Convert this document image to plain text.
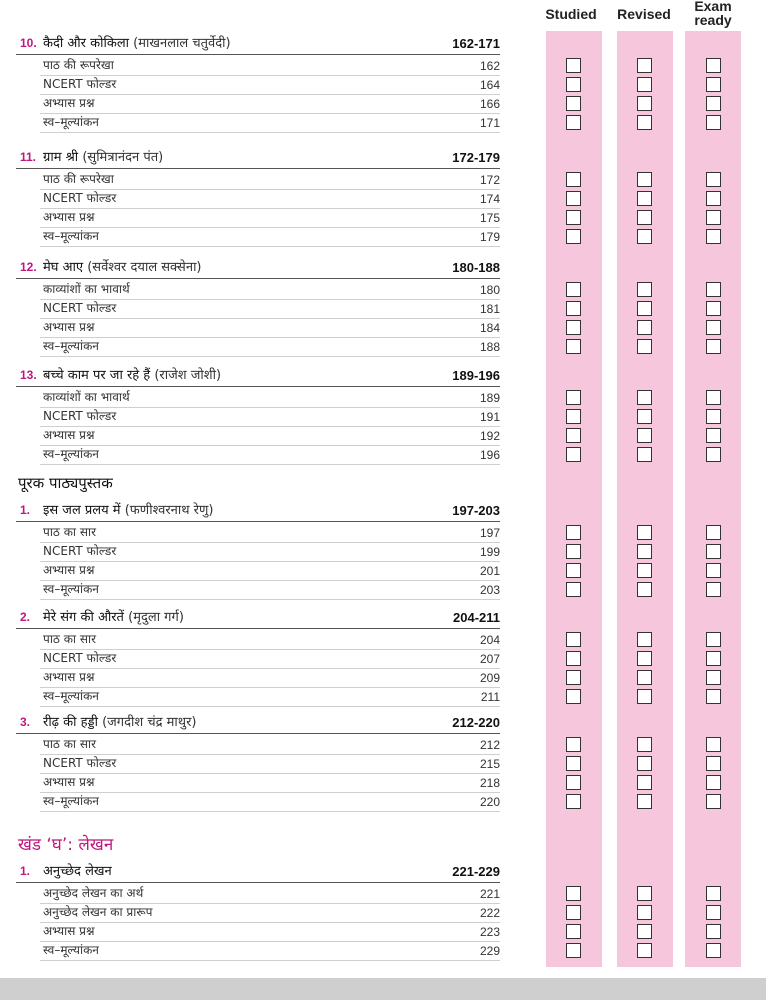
Studied	Revised	Exam
ready
पूरक पाठ्यपुस्तक
खंड ‘घ’: लेखन
10. कैदी और कोकिला (माखनलाल चतुर्वेदी)	162-171
पाठ की रूपरेखा	162
NCERT फोल्डर	164
अभ्यास प्रश्न	166
स्व–मूल्यांकन	171
11. ग्राम श्री (सुमित्रानंदन पंत)	172-179
पाठ की रूपरेखा	172
NCERT फोल्डर	174
अभ्यास प्रश्न	175
स्व–मूल्यांकन	179
12. मेघ आए (सर्वेश्वर दयाल सक्सेना)	180-188
काव्यांशों का भावार्थ	180
NCERT फोल्डर	181
अभ्यास प्रश्न	184
स्व–मूल्यांकन	188
13. बच्चे काम पर जा रहे हैं (राजेश जोशी)	189-196
काव्यांशों का भावार्थ	189
NCERT फोल्डर	191
अभ्यास प्रश्न	192
स्व–मूल्यांकन	196
1. इस जल प्रलय में (फणीश्वरनाथ रेणु)	197-203
पाठ का सार	197
NCERT फोल्डर	199
अभ्यास प्रश्न	201
स्व–मूल्यांकन	203
2. मेरे संग की औरतें (मृदुला गर्ग)	204-211
पाठ का सार	204
NCERT फोल्डर	207
अभ्यास प्रश्न	209
स्व–मूल्यांकन	211
3. रीढ़ की हड्डी (जगदीश चंद्र माथुर)	212-220
पाठ का सार	212
NCERT फोल्डर	215
अभ्यास प्रश्न	218
स्व–मूल्यांकन	220
1. अनुच्छेद लेखन	221-229
अनुच्छेद लेखन का अर्थ	221
अनुच्छेद लेखन का प्रारूप	222
अभ्यास प्रश्न	223
स्व–मूल्यांकन	229
